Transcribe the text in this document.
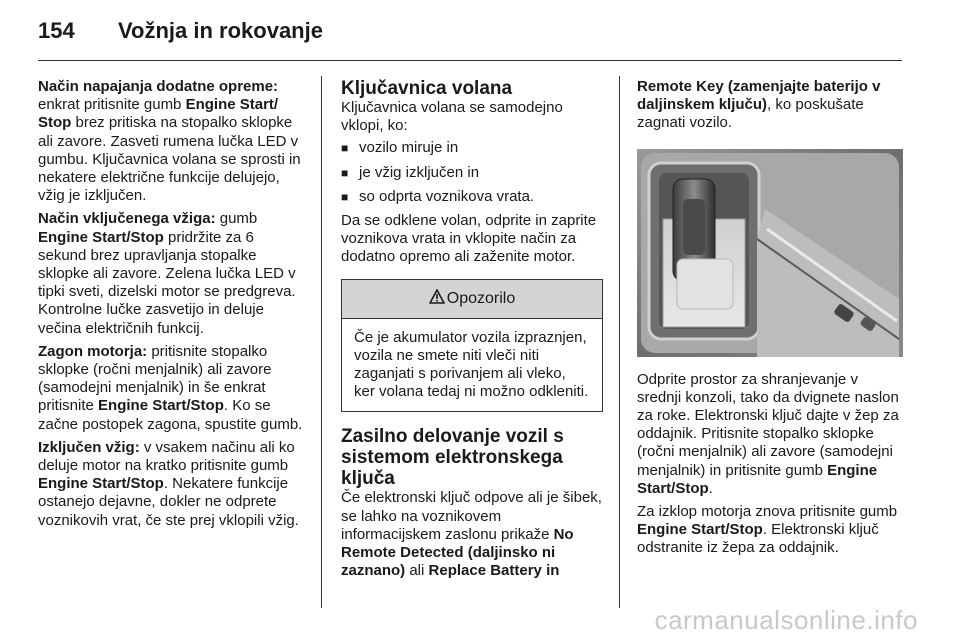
154	Vožnja in rokovanje

Način napajanja dodatne opreme: enkrat pritisnite gumb Engine Start/ Stop brez pritiska na stopalko sklopke ali zavore. Zasveti rumena lučka LED v gumbu. Ključavnica volana se sprosti in nekatere električne funkcije delujejo, vžig je izključen.

Način vključenega vžiga: gumb Engine Start/Stop pridržite za 6 sekund brez upravljanja stopalke sklopke ali zavore. Zelena lučka LED v tipki sveti, dizelski motor se predgreva. Kontrolne lučke zasvetijo in deluje večina električnih funkcij.

Zagon motorja: pritisnite stopalko sklopke (ročni menjalnik) ali zavore (samodejni menjalnik) in še enkrat pritisnite Engine Start/Stop. Ko se začne postopek zagona, spustite gumb.

Izključen vžig: v vsakem načinu ali ko deluje motor na kratko pritisnite gumb Engine Start/Stop. Nekatere funkcije ostanejo dejavne, dokler ne odprete voznikovih vrat, če ste prej vklopili vžig.

Ključavnica volana

Ključavnica volana se samodejno vklopi, ko:

■ vozilo miruje in
■ je vžig izključen in
■ so odprta voznikova vrata.

Da se odklene volan, odprite in zaprite voznikova vrata in vklopite način za dodatno opremo ali zaženite motor.

Opozorilo
Če je akumulator vozila izpraznjen, vozila ne smete niti vleči niti zaganjati s porivanjem ali vleko, ker volana tedaj ni možno odkleniti.
Zasilno delovanje vozil s sistemom elektronskega ključa

Če elektronski ključ odpove ali je šibek, se lahko na voznikovem informacijskem zaslonu prikaže No Remote Detected (daljinsko ni zaznano) ali Replace Battery in

Remote Key (zamenjajte baterijo v daljinskem ključu), ko poskušate zagnati vozilo.

Odprite prostor za shranjevanje v srednji konzoli, tako da dvignete naslon za roke. Elektronski ključ dajte v žep za oddajnik. Pritisnite stopalko sklopke (ročni menjalnik) ali zavore (samodejni menjalnik) in pritisnite gumb Engine Start/Stop.

Za izklop motorja znova pritisnite gumb Engine Start/Stop. Elektronski ključ odstranite iz žepa za oddajnik.

carmanualsonline.info
